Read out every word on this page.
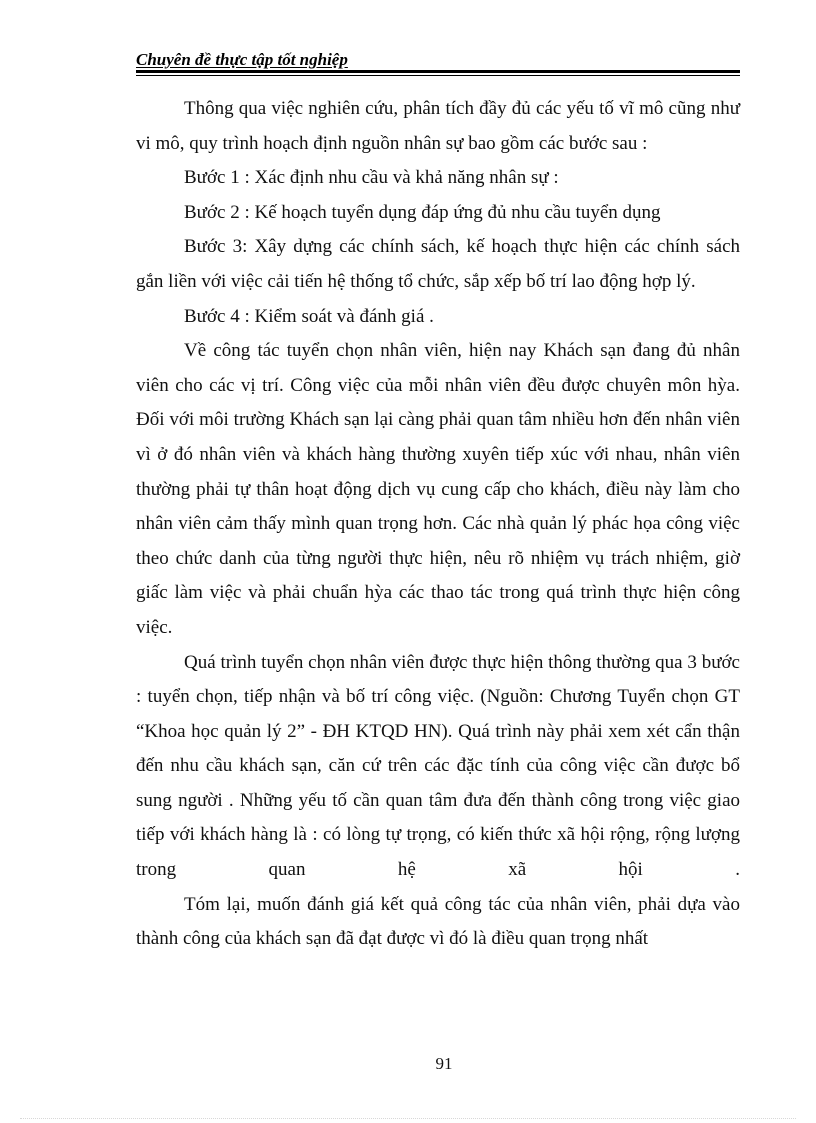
Chuyên đề thực tập tốt nghiệp

Thông qua việc nghiên cứu, phân tích đầy đủ các yếu tố vĩ mô cũng như vi mô, quy trình hoạch định nguồn nhân sự bao gồm các bước sau :

Bước 1 : Xác định nhu cầu và khả năng nhân sự :

Bước 2 : Kế hoạch tuyển dụng đáp ứng đủ nhu cầu tuyển dụng

Bước 3: Xây dựng các chính sách, kế hoạch thực hiện các chính sách gắn liền với việc cải tiến hệ thống tổ chức, sắp xếp bố trí lao động hợp lý.

Bước 4 : Kiểm soát và đánh giá .

Về công tác tuyển chọn nhân viên, hiện nay Khách sạn đang đủ nhân viên cho các vị trí. Công việc của mỗi nhân viên đều được chuyên môn hỳa. Đối với môi trường Khách sạn lại càng phải quan tâm nhiều hơn đến nhân viên vì ở đó nhân viên và khách hàng thường xuyên tiếp xúc với nhau, nhân viên thường phải tự thân hoạt động dịch vụ cung cấp cho khách, điều này làm cho nhân viên cảm thấy mình quan trọng hơn. Các nhà quản lý phác họa công việc theo chức danh của từng người thực hiện, nêu rõ nhiệm vụ trách nhiệm, giờ giấc làm việc và phải chuẩn hỳa các thao tác trong quá trình thực hiện công việc.

Quá trình tuyển chọn nhân viên được thực hiện thông thường qua 3 bước : tuyển chọn, tiếp nhận và bố trí công việc. (Nguồn: Chương Tuyển chọn GT “Khoa học quản lý 2” - ĐH KTQD HN). Quá trình này phải xem xét cẩn thận đến nhu cầu khách sạn, căn cứ trên các đặc tính của công việc cần được bổ sung người . Những yếu tố cần quan tâm đưa đến thành công trong việc giao tiếp với khách hàng là : có lòng tự trọng, có kiến thức xã hội rộng, rộng lượng trong quan hệ xã hội .

Tóm lại, muốn đánh giá kết quả công tác của nhân viên, phải dựa vào thành công của khách sạn đã đạt được vì đó là điều quan trọng nhất

91
